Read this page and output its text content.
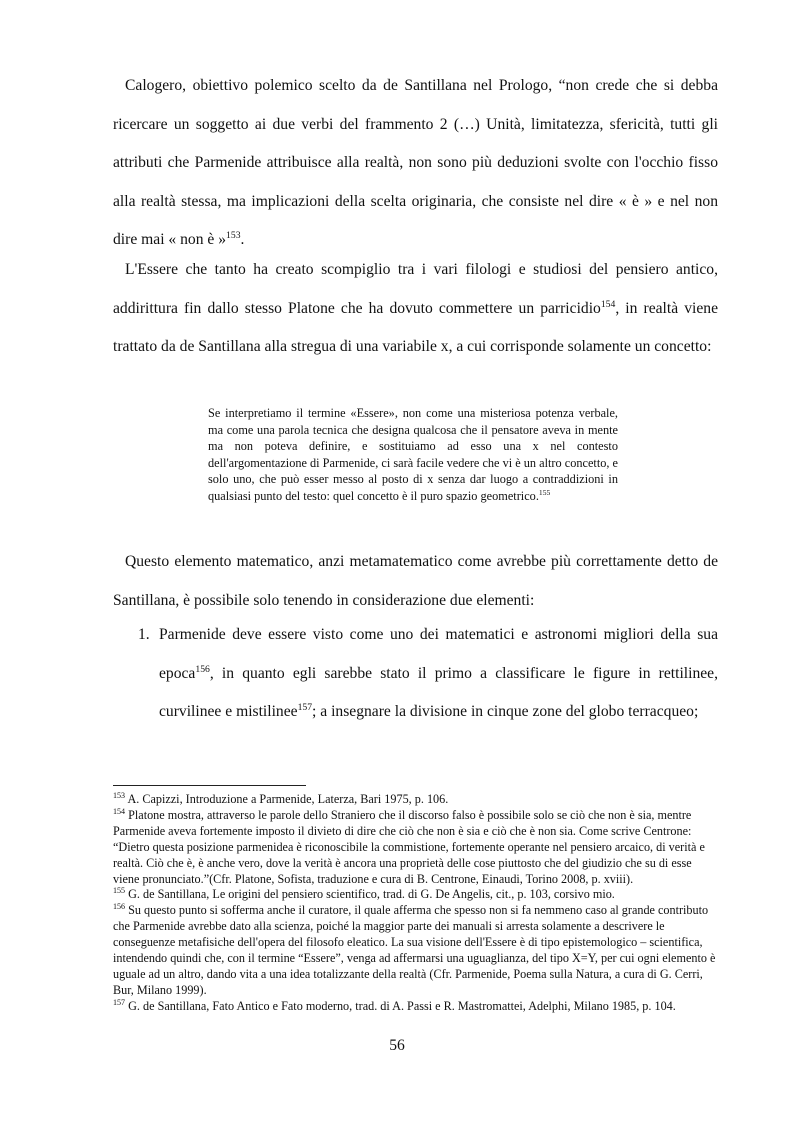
Calogero, obiettivo polemico scelto da de Santillana nel Prologo, “non crede che si debba ricercare un soggetto ai due verbi del frammento 2 (…) Unità, limitatezza, sfericità, tutti gli attributi che Parmenide attribuisce alla realtà, non sono più deduzioni svolte con l'occhio fisso alla realtà stessa, ma implicazioni della scelta originaria, che consiste nel dire « è » e nel non dire mai « non è »$^{153}$.

L'Essere che tanto ha creato scompiglio tra i vari filologi e studiosi del pensiero antico, addirittura fin dallo stesso Platone che ha dovuto commettere un parricidio$^{154}$, in realtà viene trattato da de Santillana alla stregua di una variabile x, a cui corrisponde solamente un concetto:

Se interpretiamo il termine «Essere», non come una misteriosa potenza verbale, ma come una parola tecnica che designa qualcosa che il pensatore aveva in mente ma non poteva definire, e sostituiamo ad esso una x nel contesto dell'argomentazione di Parmenide, ci sarà facile vedere che vi è un altro concetto, e solo uno, che può esser messo al posto di x senza dar luogo a contraddizioni in qualsiasi punto del testo: quel concetto è il puro spazio geometrico.$^{155}$

Questo elemento matematico, anzi metamatematico come avrebbe più correttamente detto de Santillana, è possibile solo tenendo in considerazione due elementi:

1. Parmenide deve essere visto come uno dei matematici e astronomi migliori della sua epoca$^{156}$, in quanto egli sarebbe stato il primo a classificare le figure in rettilinee, curvilinee e mistilinee$^{157}$; a insegnare la divisione in cinque zone del globo terracqueo;
$^{153}$ A. Capizzi, Introduzione a Parmenide, Laterza, Bari 1975, p. 106.
$^{154}$ Platone mostra, attraverso le parole dello Straniero che il discorso falso è possibile solo se ciò che non è sia, mentre Parmenide aveva fortemente imposto il divieto di dire che ciò che non è sia e ciò che è non sia. Come scrive Centrone: “Dietro questa posizione parmenidea è riconoscibile la commistione, fortemente operante nel pensiero arcaico, di verità e realtà. Ciò che è, è anche vero, dove la verità è ancora una proprietà delle cose piuttosto che del giudizio che su di esse viene pronunciato.”(Cfr. Platone, Sofista, traduzione e cura di B. Centrone, Einaudi, Torino 2008, p. xviii).
$^{155}$ G. de Santillana, Le origini del pensiero scientifico, trad. di G. De Angelis, cit., p. 103, corsivo mio.
$^{156}$ Su questo punto si sofferma anche il curatore, il quale afferma che spesso non si fa nemmeno caso al grande contributo che Parmenide avrebbe dato alla scienza, poiché la maggior parte dei manuali si arresta solamente a descrivere le conseguenze metafisiche dell'opera del filosofo eleatico. La sua visione dell'Essere è di tipo epistemologico – scientifica, intendendo quindi che, con il termine “Essere”, venga ad affermarsi una uguaglianza, del tipo X=Y, per cui ogni elemento è uguale ad un altro, dando vita a una idea totalizzante della realtà (Cfr. Parmenide, Poema sulla Natura, a cura di G. Cerri, Bur, Milano 1999).
$^{157}$ G. de Santillana, Fato Antico e Fato moderno, trad. di A. Passi e R. Mastromattei, Adelphi, Milano 1985, p. 104.
56
